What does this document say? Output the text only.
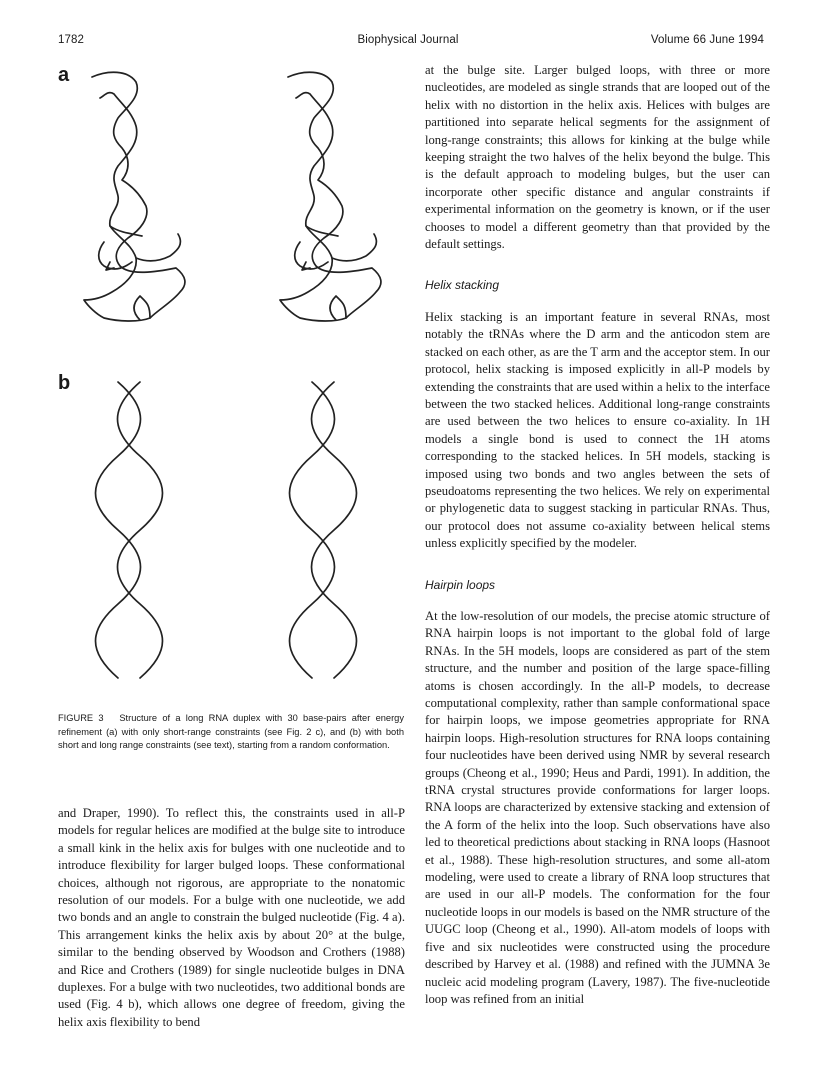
1782	Biophysical Journal	Volume 66 June 1994
a
b
FIGURE 3 Structure of a long RNA duplex with 30 base-pairs after energy refinement (a) with only short-range constraints (see Fig. 2 c), and (b) with both short and long range constraints (see text), starting from a random conformation.

and Draper, 1990). To reflect this, the constraints used in all-P models for regular helices are modified at the bulge site to introduce a small kink in the helix axis for bulges with one nucleotide and to introduce flexibility for larger bulged loops. These conformational choices, although not rigorous, are appropriate to the nonatomic resolution of our models. For a bulge with one nucleotide, we add two bonds and an angle to constrain the bulged nucleotide (Fig. 4 a). This arrangement kinks the helix axis by about 20° at the bulge, similar to the bending observed by Woodson and Crothers (1988) and Rice and Crothers (1989) for single nucleotide bulges in DNA duplexes. For a bulge with two nucleotides, two additional bonds are used (Fig. 4 b), which allows one degree of freedom, giving the helix axis flexibility to bend

at the bulge site. Larger bulged loops, with three or more nucleotides, are modeled as single strands that are looped out of the helix with no distortion in the helix axis. Helices with bulges are partitioned into separate helical segments for the assignment of long-range constraints; this allows for kinking at the bulge while keeping straight the two halves of the helix beyond the bulge. This is the default approach to modeling bulges, but the user can incorporate other specific distance and angular constraints if experimental information on the geometry is known, or if the user chooses to model a different geometry than that provided by the default settings.

Helix stacking

Helix stacking is an important feature in several RNAs, most notably the tRNAs where the D arm and the anticodon stem are stacked on each other, as are the T arm and the acceptor stem. In our protocol, helix stacking is imposed explicitly in all-P models by extending the constraints that are used within a helix to the interface between the two stacked helices. Additional long-range constraints are used between the two helices to ensure co-axiality. In 1H models a single bond is used to connect the 1H atoms corresponding to the stacked helices. In 5H models, stacking is imposed using two bonds and two angles between the sets of pseudoatoms representing the two helices. We rely on experimental or phylogenetic data to suggest stacking in particular RNAs. Thus, our protocol does not assume co-axiality between helical stems unless explicitly specified by the modeler.

Hairpin loops

At the low-resolution of our models, the precise atomic structure of RNA hairpin loops is not important to the global fold of large RNAs. In the 5H models, loops are considered as part of the stem structure, and the number and position of the large space-filling atoms is chosen accordingly. In the all-P models, to decrease computational complexity, rather than sample conformational space for hairpin loops, we impose geometries appropriate for RNA hairpin loops. High-resolution structures for RNA loops containing four nucleotides have been derived using NMR by several research groups (Cheong et al., 1990; Heus and Pardi, 1991). In addition, the tRNA crystal structures provide conformations for larger loops. RNA loops are characterized by extensive stacking and extension of the A form of the helix into the loop. Such observations have also led to theoretical predictions about stacking in RNA loops (Hasnoot et al., 1988). These high-resolution structures, and some all-atom modeling, were used to create a library of RNA loop structures that are used in our all-P models. The conformation for the four nucleotide loops in our models is based on the NMR structure of the UUGC loop (Cheong et al., 1990). All-atom models of loops with five and six nucleotides were constructed using the procedure described by Harvey et al. (1988) and refined with the JUMNA 3e nucleic acid modeling program (Lavery, 1987). The five-nucleotide loop was refined from an initial
